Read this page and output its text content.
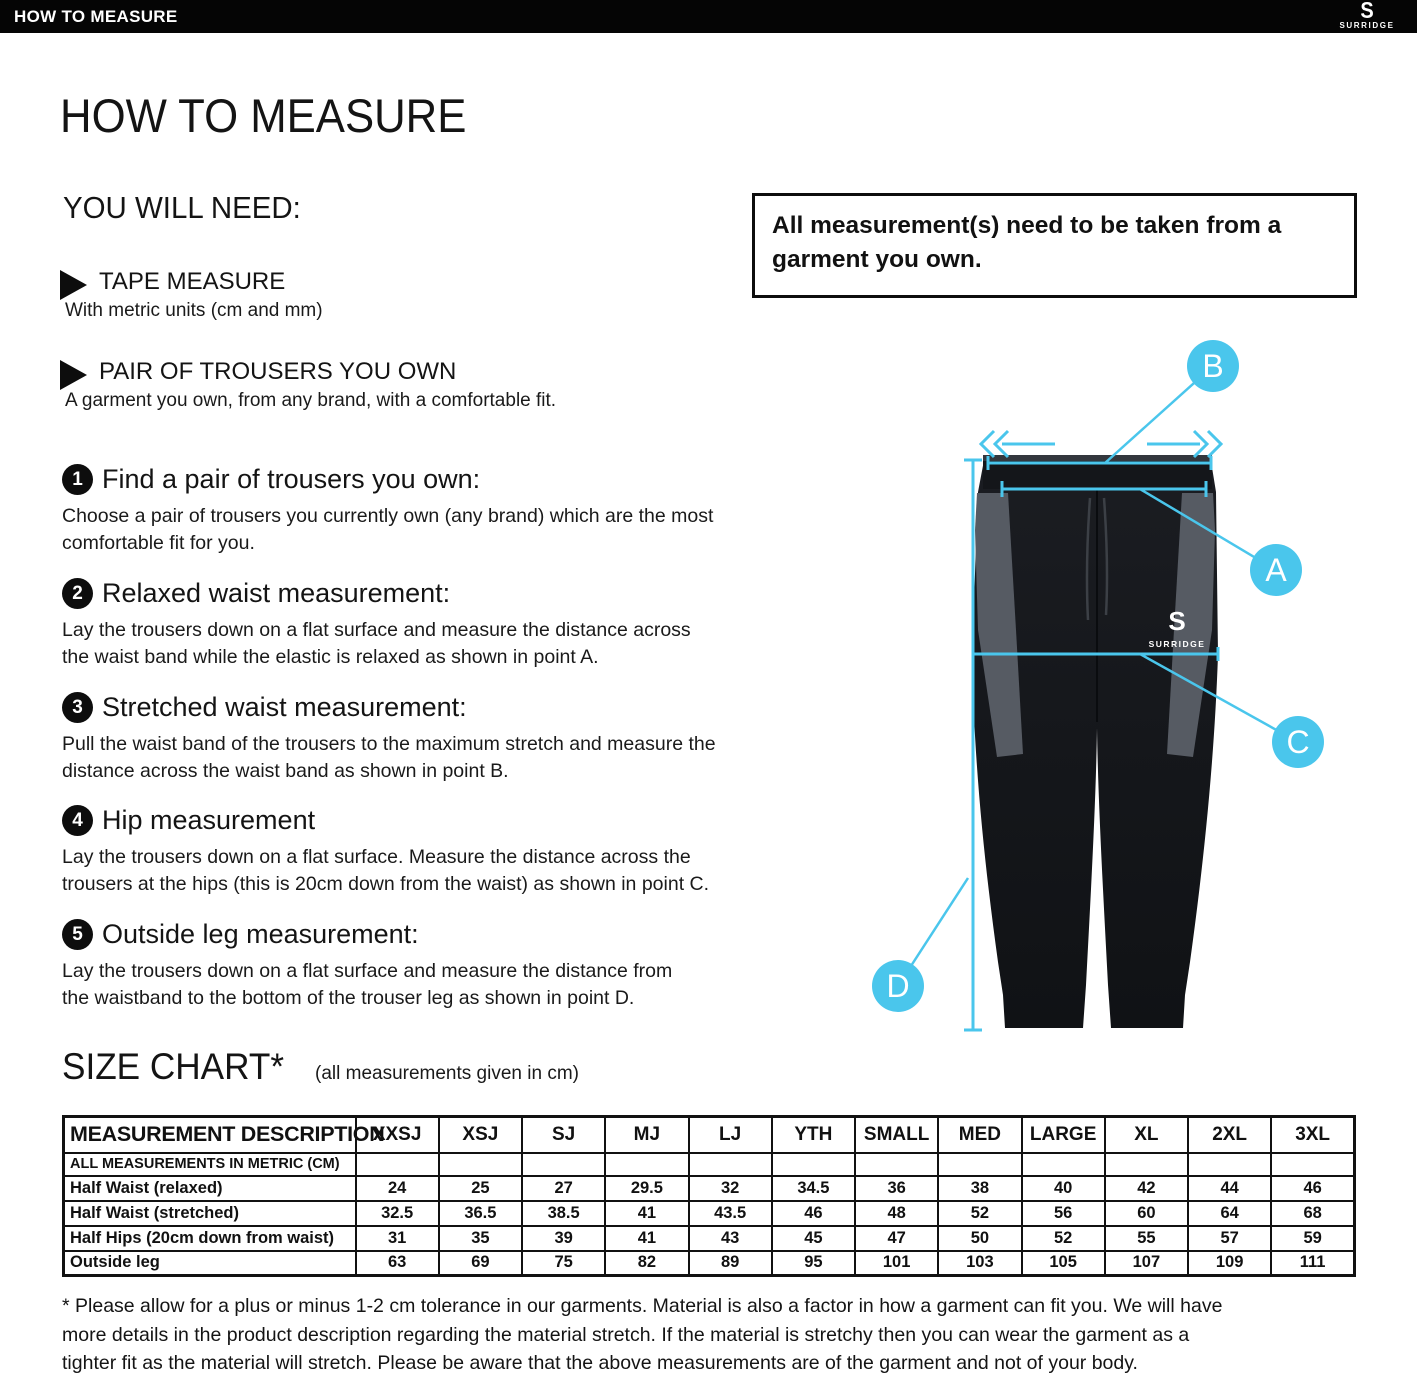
HOW TO MEASURE	S
SURRIDGE
HOW TO MEASURE
YOU WILL NEED:
TAPE MEASURE
With metric units (cm and mm)
PAIR OF TROUSERS YOU OWN
A garment you own, from any brand, with a comfortable fit.
All measurement(s) need to be taken from a
garment you own.
1 Find a pair of trousers you own:
Choose a pair of trousers you currently own (any brand) which are the most
comfortable fit for you.
2 Relaxed waist measurement:
Lay the trousers down on a flat surface and measure the distance across
the waist band while the elastic is relaxed as shown in point A.
3 Stretched waist measurement:
Pull the waist band of the trousers to the maximum stretch and measure the
distance across the waist band as shown in point B.
4 Hip measurement
Lay the trousers down on a flat surface. Measure the distance across the
trousers at the hips (this is 20cm down from the waist) as shown in point C.
5 Outside leg measurement:
Lay the trousers down on a flat surface and measure the distance from
the waistband to the bottom of the trouser leg as shown in point D.
S
SURRIDGE
B
A
C
D
SIZE CHART* (all measurements given in cm)
MEASUREMENT DESCRIPTION	XXSJ	XSJ	SJ	MJ	LJ	YTH	SMALL	MED	LARGE	XL	2XL	3XL
ALL MEASUREMENTS IN METRIC (CM)												
Half Waist (relaxed)	24	25	27	29.5	32	34.5	36	38	40	42	44	46
Half Waist (stretched)	32.5	36.5	38.5	41	43.5	46	48	52	56	60	64	68
Half Hips (20cm down from waist)	31	35	39	41	43	45	47	50	52	55	57	59
Outside leg	63	69	75	82	89	95	101	103	105	107	109	111
* Please allow for a plus or minus 1-2 cm tolerance in our garments. Material is also a factor in how a garment can fit you. We will have
more details in the product description regarding the material stretch. If the material is stretchy then you can wear the garment as a
tighter fit as the material will stretch. Please be aware that the above measurements are of the garment and not of your body.
